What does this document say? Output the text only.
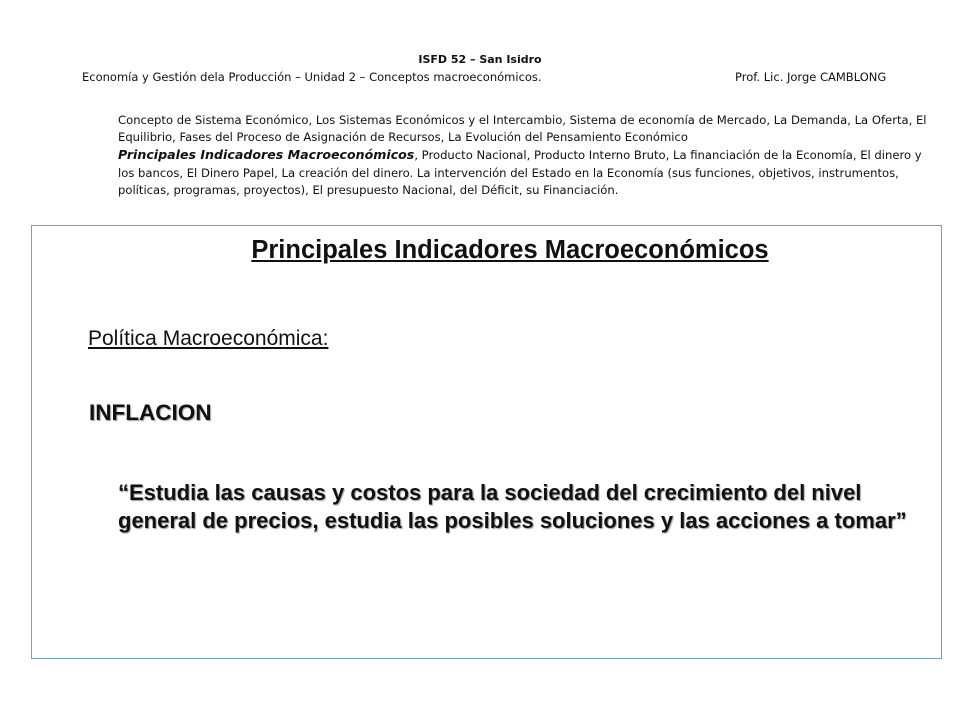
ISFD 52 – San Isidro
Economía y Gestión dela Producción – Unidad 2 – Conceptos macroeconómicos.	Prof. Lic. Jorge CAMBLONG
Concepto de Sistema Económico, Los Sistemas Económicos y el Intercambio, Sistema de economía de Mercado, La Demanda, La Oferta, El Equilibrio, Fases del Proceso de Asignación de Recursos, La Evolución del Pensamiento Económico
Principales Indicadores Macroeconómicos, Producto Nacional, Producto Interno Bruto, La financiación de la Economía, El dinero y los bancos, El Dinero Papel, La creación del dinero. La intervención del Estado en la Economía (sus funciones, objetivos, instrumentos, políticas, programas, proyectos), El presupuesto Nacional, del Déficit, su Financiación.
Principales Indicadores Macroeconómicos
Política Macroeconómica:
INFLACION
“Estudia las causas y costos para la sociedad del crecimiento del nivel general de precios, estudia las posibles soluciones y las acciones a tomar”
